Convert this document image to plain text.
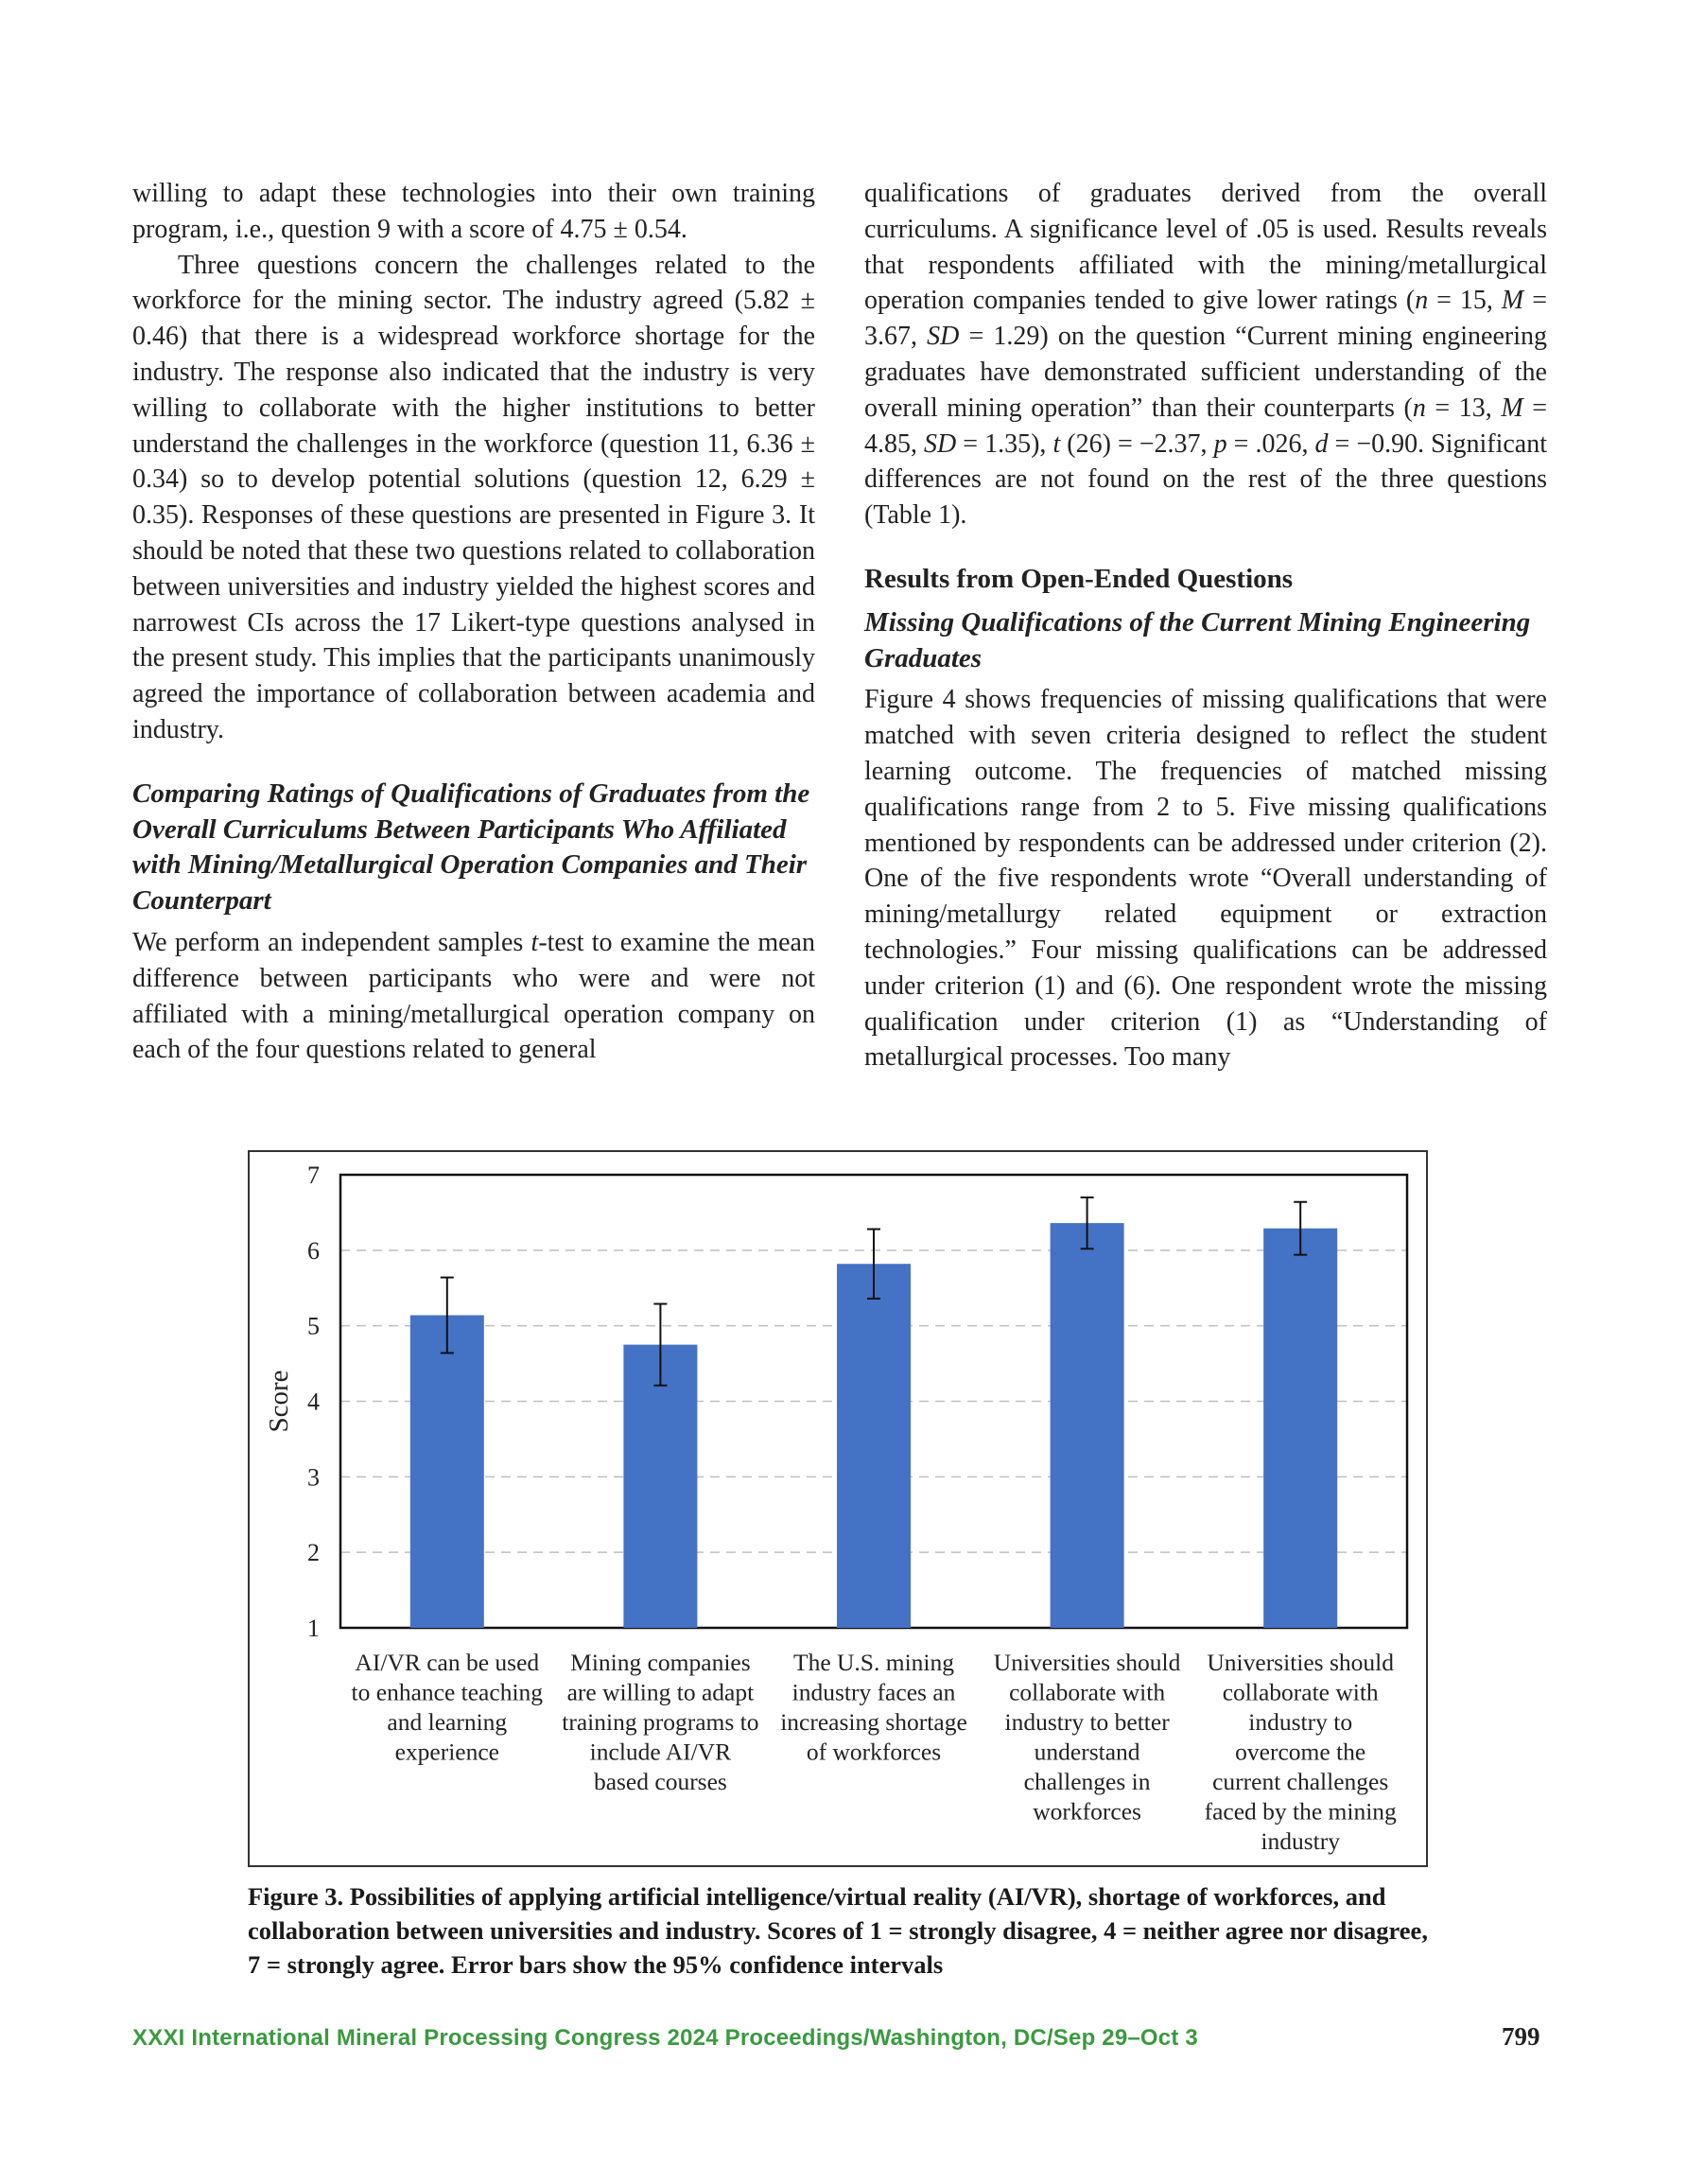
willing to adapt these technologies into their own training program, i.e., question 9 with a score of 4.75 ± 0.54.

Three questions concern the challenges related to the workforce for the mining sector. The industry agreed (5.82 ± 0.46) that there is a widespread workforce shortage for the industry. The response also indicated that the industry is very willing to collaborate with the higher institutions to better understand the challenges in the workforce (question 11, 6.36 ± 0.34) so to develop potential solutions (question 12, 6.29 ± 0.35). Responses of these questions are presented in Figure 3. It should be noted that these two questions related to collaboration between universities and industry yielded the highest scores and narrowest CIs across the 17 Likert-type questions analysed in the present study. This implies that the participants unanimously agreed the importance of collaboration between academia and industry.

Comparing Ratings of Qualifications of Graduates from the Overall Curriculums Between Participants Who Affiliated with Mining/Metallurgical Operation Companies and Their Counterpart

We perform an independent samples t-test to examine the mean difference between participants who were and were not affiliated with a mining/metallurgical operation company on each of the four questions related to general

qualifications of graduates derived from the overall curriculums. A significance level of .05 is used. Results reveals that respondents affiliated with the mining/metallurgical operation companies tended to give lower ratings (n = 15, M = 3.67, SD = 1.29) on the question “Current mining engineering graduates have demonstrated sufficient understanding of the overall mining operation” than their counterparts (n = 13, M = 4.85, SD = 1.35), t (26) = −2.37, p = .026, d = −0.90. Significant differences are not found on the rest of the three questions (Table 1).

Results from Open-Ended Questions

Missing Qualifications of the Current Mining Engineering Graduates

Figure 4 shows frequencies of missing qualifications that were matched with seven criteria designed to reflect the student learning outcome. The frequencies of matched missing qualifications range from 2 to 5. Five missing qualifications mentioned by respondents can be addressed under criterion (2). One of the five respondents wrote “Overall understanding of mining/metallurgy related equipment or extraction technologies.” Four missing qualifications can be addressed under criterion (1) and (6). One respondent wrote the missing qualification under criterion (1) as “Understanding of metallurgical processes. Too many

1
2
3
4
5
6
7
Score
AI/VR can be used to enhance teaching and learning experience
Mining companies are willing to adapt training programs to include AI/VR based courses
The U.S. mining industry faces an increasing shortage of workforces
Universities should collaborate with industry to better understand challenges in workforces
Universities should collaborate with industry to overcome the current challenges faced by the mining industry
Figure 3. Possibilities of applying artificial intelligence/virtual reality (AI/VR), shortage of workforces, and collaboration between universities and industry. Scores of 1 = strongly disagree, 4 = neither agree nor disagree, 7 = strongly agree. Error bars show the 95% confidence intervals
XXXI International Mineral Processing Congress 2024 Proceedings/Washington, DC/Sep 29–Oct 3	799
